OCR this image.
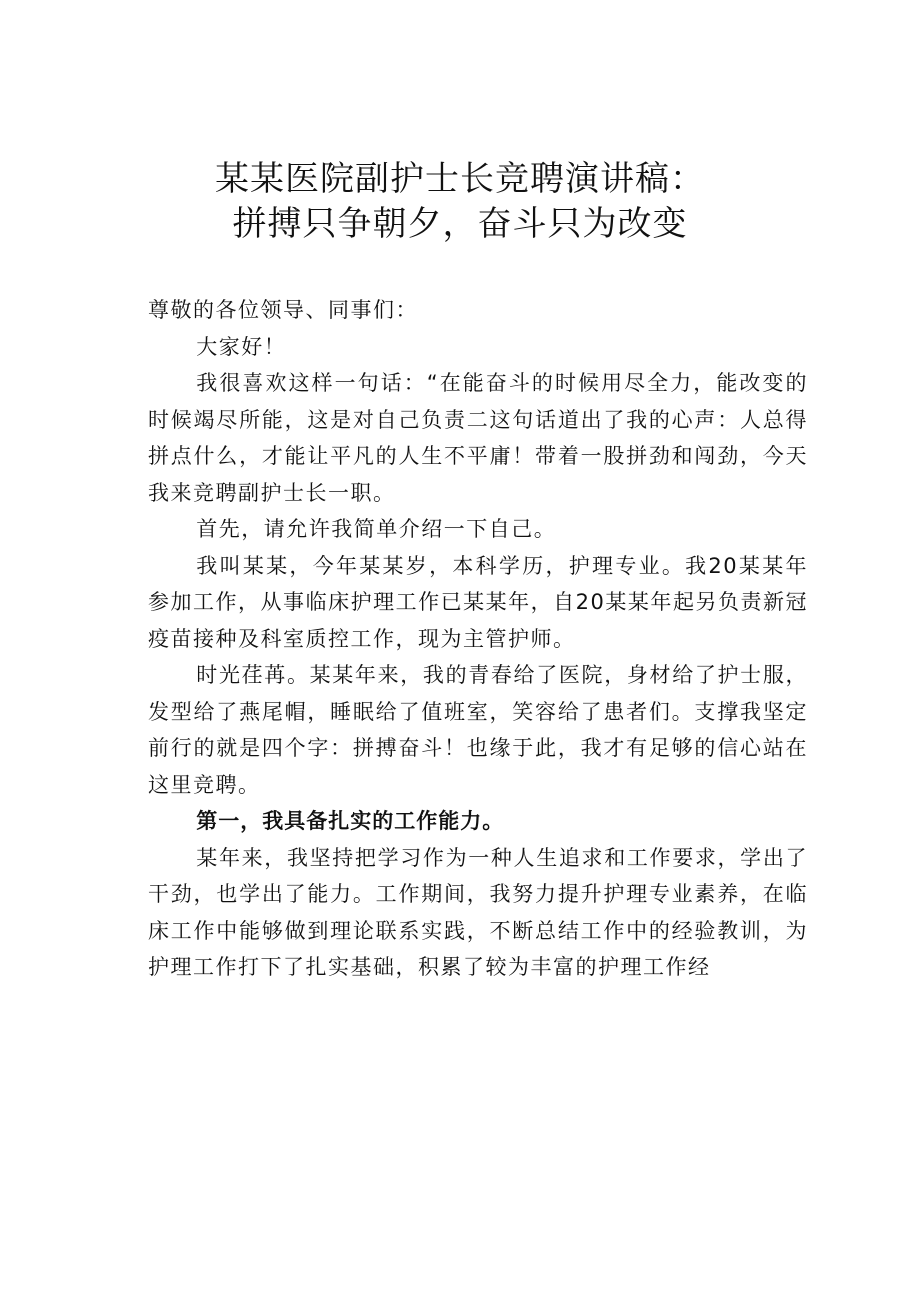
某某医院副护士长竞聘演讲稿：
拼搏只争朝夕，奋斗只为改变

尊敬的各位领导、同事们：

大家好！

我很喜欢这样一句话：“在能奋斗的时候用尽全力，能改变的时候竭尽所能，这是对自己负责二这句话道出了我的心声：人总得拼点什么，才能让平凡的人生不平庸！带着一股拼劲和闯劲，今天我来竞聘副护士长一职。

首先，请允许我简单介绍一下自己。

我叫某某，今年某某岁，本科学历，护理专业。我20某某年参加工作，从事临床护理工作已某某年，自20某某年起另负责新冠疫苗接种及科室质控工作，现为主管护师。

时光荏苒。某某年来，我的青春给了医院，身材给了护士服，发型给了燕尾帽，睡眠给了值班室，笑容给了患者们。支撑我坚定前行的就是四个字：拼搏奋斗！也缘于此，我才有足够的信心站在这里竞聘。

第一，我具备扎实的工作能力。

某年来，我坚持把学习作为一种人生追求和工作要求，学出了干劲，也学出了能力。工作期间，我努力提升护理专业素养，在临床工作中能够做到理论联系实践，不断总结工作中的经验教训，为护理工作打下了扎实基础，积累了较为丰富的护理工作经
